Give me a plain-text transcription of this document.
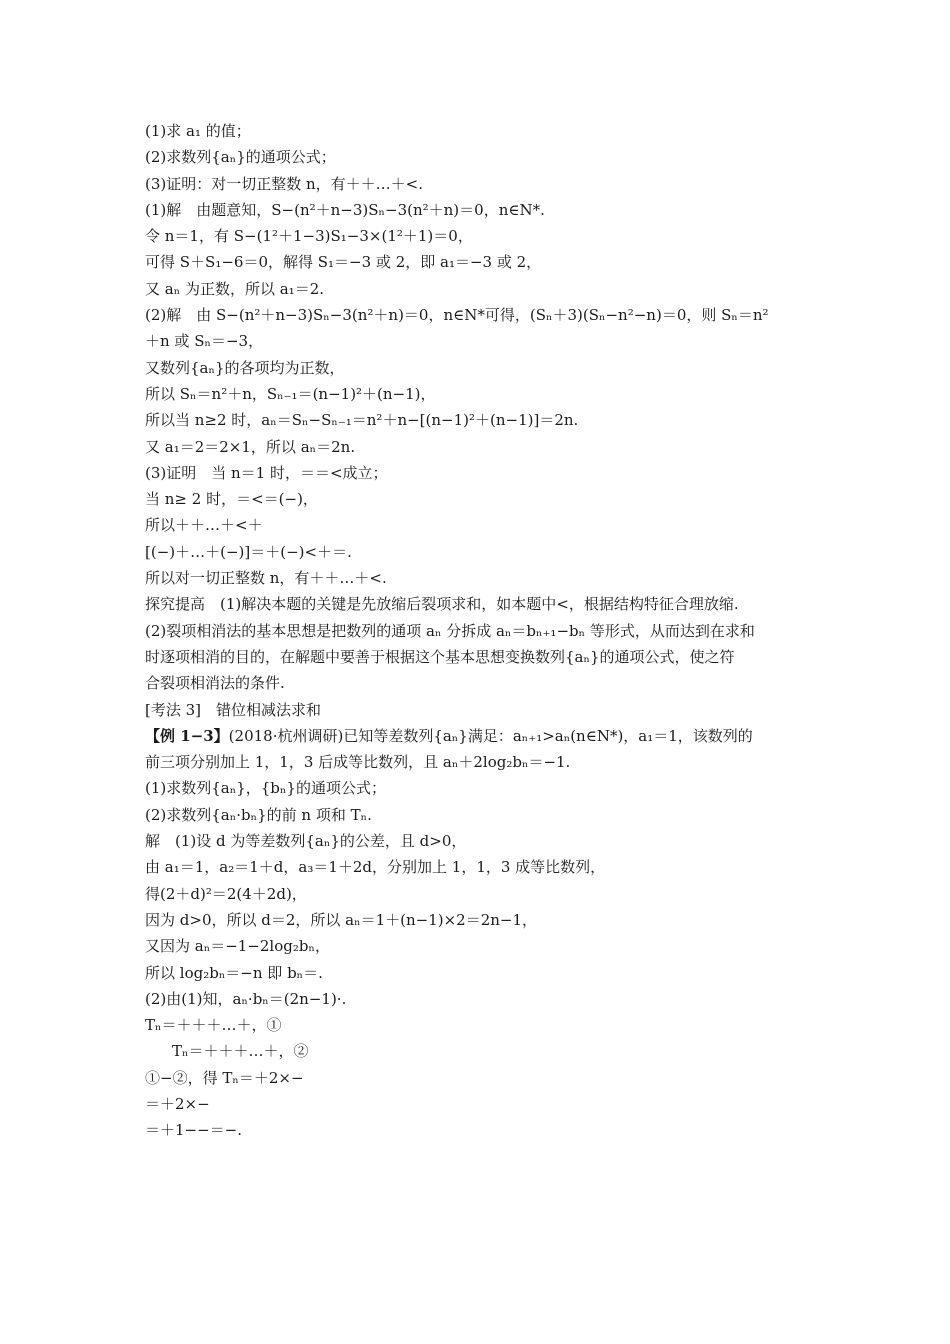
(1)求 a₁ 的值；
(2)求数列{aₙ}的通项公式；
(3)证明：对一切正整数 n，有＋＋…＋<.
(1)解　由题意知，S−(n²＋n−3)Sₙ−3(n²＋n)＝0，n∈N*.
令 n＝1，有 S−(1²＋1−3)S₁−3×(1²＋1)＝0，
可得 S＋S₁−6＝0，解得 S₁＝−3 或 2，即 a₁＝−3 或 2，
又 aₙ 为正数，所以 a₁＝2.
(2)解　由 S−(n²＋n−3)Sₙ−3(n²＋n)＝0，n∈N*可得，(Sₙ＋3)(Sₙ−n²−n)＝0，则 Sₙ＝n²
＋n 或 Sₙ＝−3，
又数列{aₙ}的各项均为正数，
所以 Sₙ＝n²＋n，Sₙ₋₁＝(n−1)²＋(n−1)，
所以当 n≥2 时，aₙ＝Sₙ−Sₙ₋₁＝n²＋n−[(n−1)²＋(n−1)]＝2n.
又 a₁＝2＝2×1，所以 aₙ＝2n.
(3)证明　当 n＝1 时，＝＝<成立；
当 n≥ 2 时，＝<＝(−)，
所以＋＋…＋<＋
[(−)＋…＋(−)]＝＋(−)<＋＝.
所以对一切正整数 n，有＋＋…＋<.
探究提高　(1)解决本题的关键是先放缩后裂项求和，如本题中<，根据结构特征合理放缩.
(2)裂项相消法的基本思想是把数列的通项 aₙ 分拆成 aₙ＝bₙ₊₁−bₙ 等形式，从而达到在求和
时逐项相消的目的，在解题中要善于根据这个基本思想变换数列{aₙ}的通项公式，使之符
合裂项相消法的条件.
[考法 3]　错位相减法求和
【例 1−3】(2018·杭州调研)已知等差数列{aₙ}满足：aₙ₊₁>aₙ(n∈N*)，a₁＝1，该数列的
前三项分别加上 1，1，3 后成等比数列，且 aₙ＋2log₂bₙ＝−1.
(1)求数列{aₙ}，{bₙ}的通项公式；
(2)求数列{aₙ·bₙ}的前 n 项和 Tₙ.
解　(1)设 d 为等差数列{aₙ}的公差，且 d>0，
由 a₁＝1，a₂＝1＋d，a₃＝1＋2d，分别加上 1，1，3 成等比数列，
得(2＋d)²＝2(4＋2d)，
因为 d>0，所以 d＝2，所以 aₙ＝1＋(n−1)×2＝2n−1，
又因为 aₙ＝−1−2log₂bₙ，
所以 log₂bₙ＝−n 即 bₙ＝.
(2)由(1)知，aₙ·bₙ＝(2n−1)·.
Tₙ＝＋＋＋…＋，①
Tₙ＝＋＋＋…＋，②
①−②，得 Tₙ＝＋2×−
＝＋2×−
＝＋1−−＝−.
